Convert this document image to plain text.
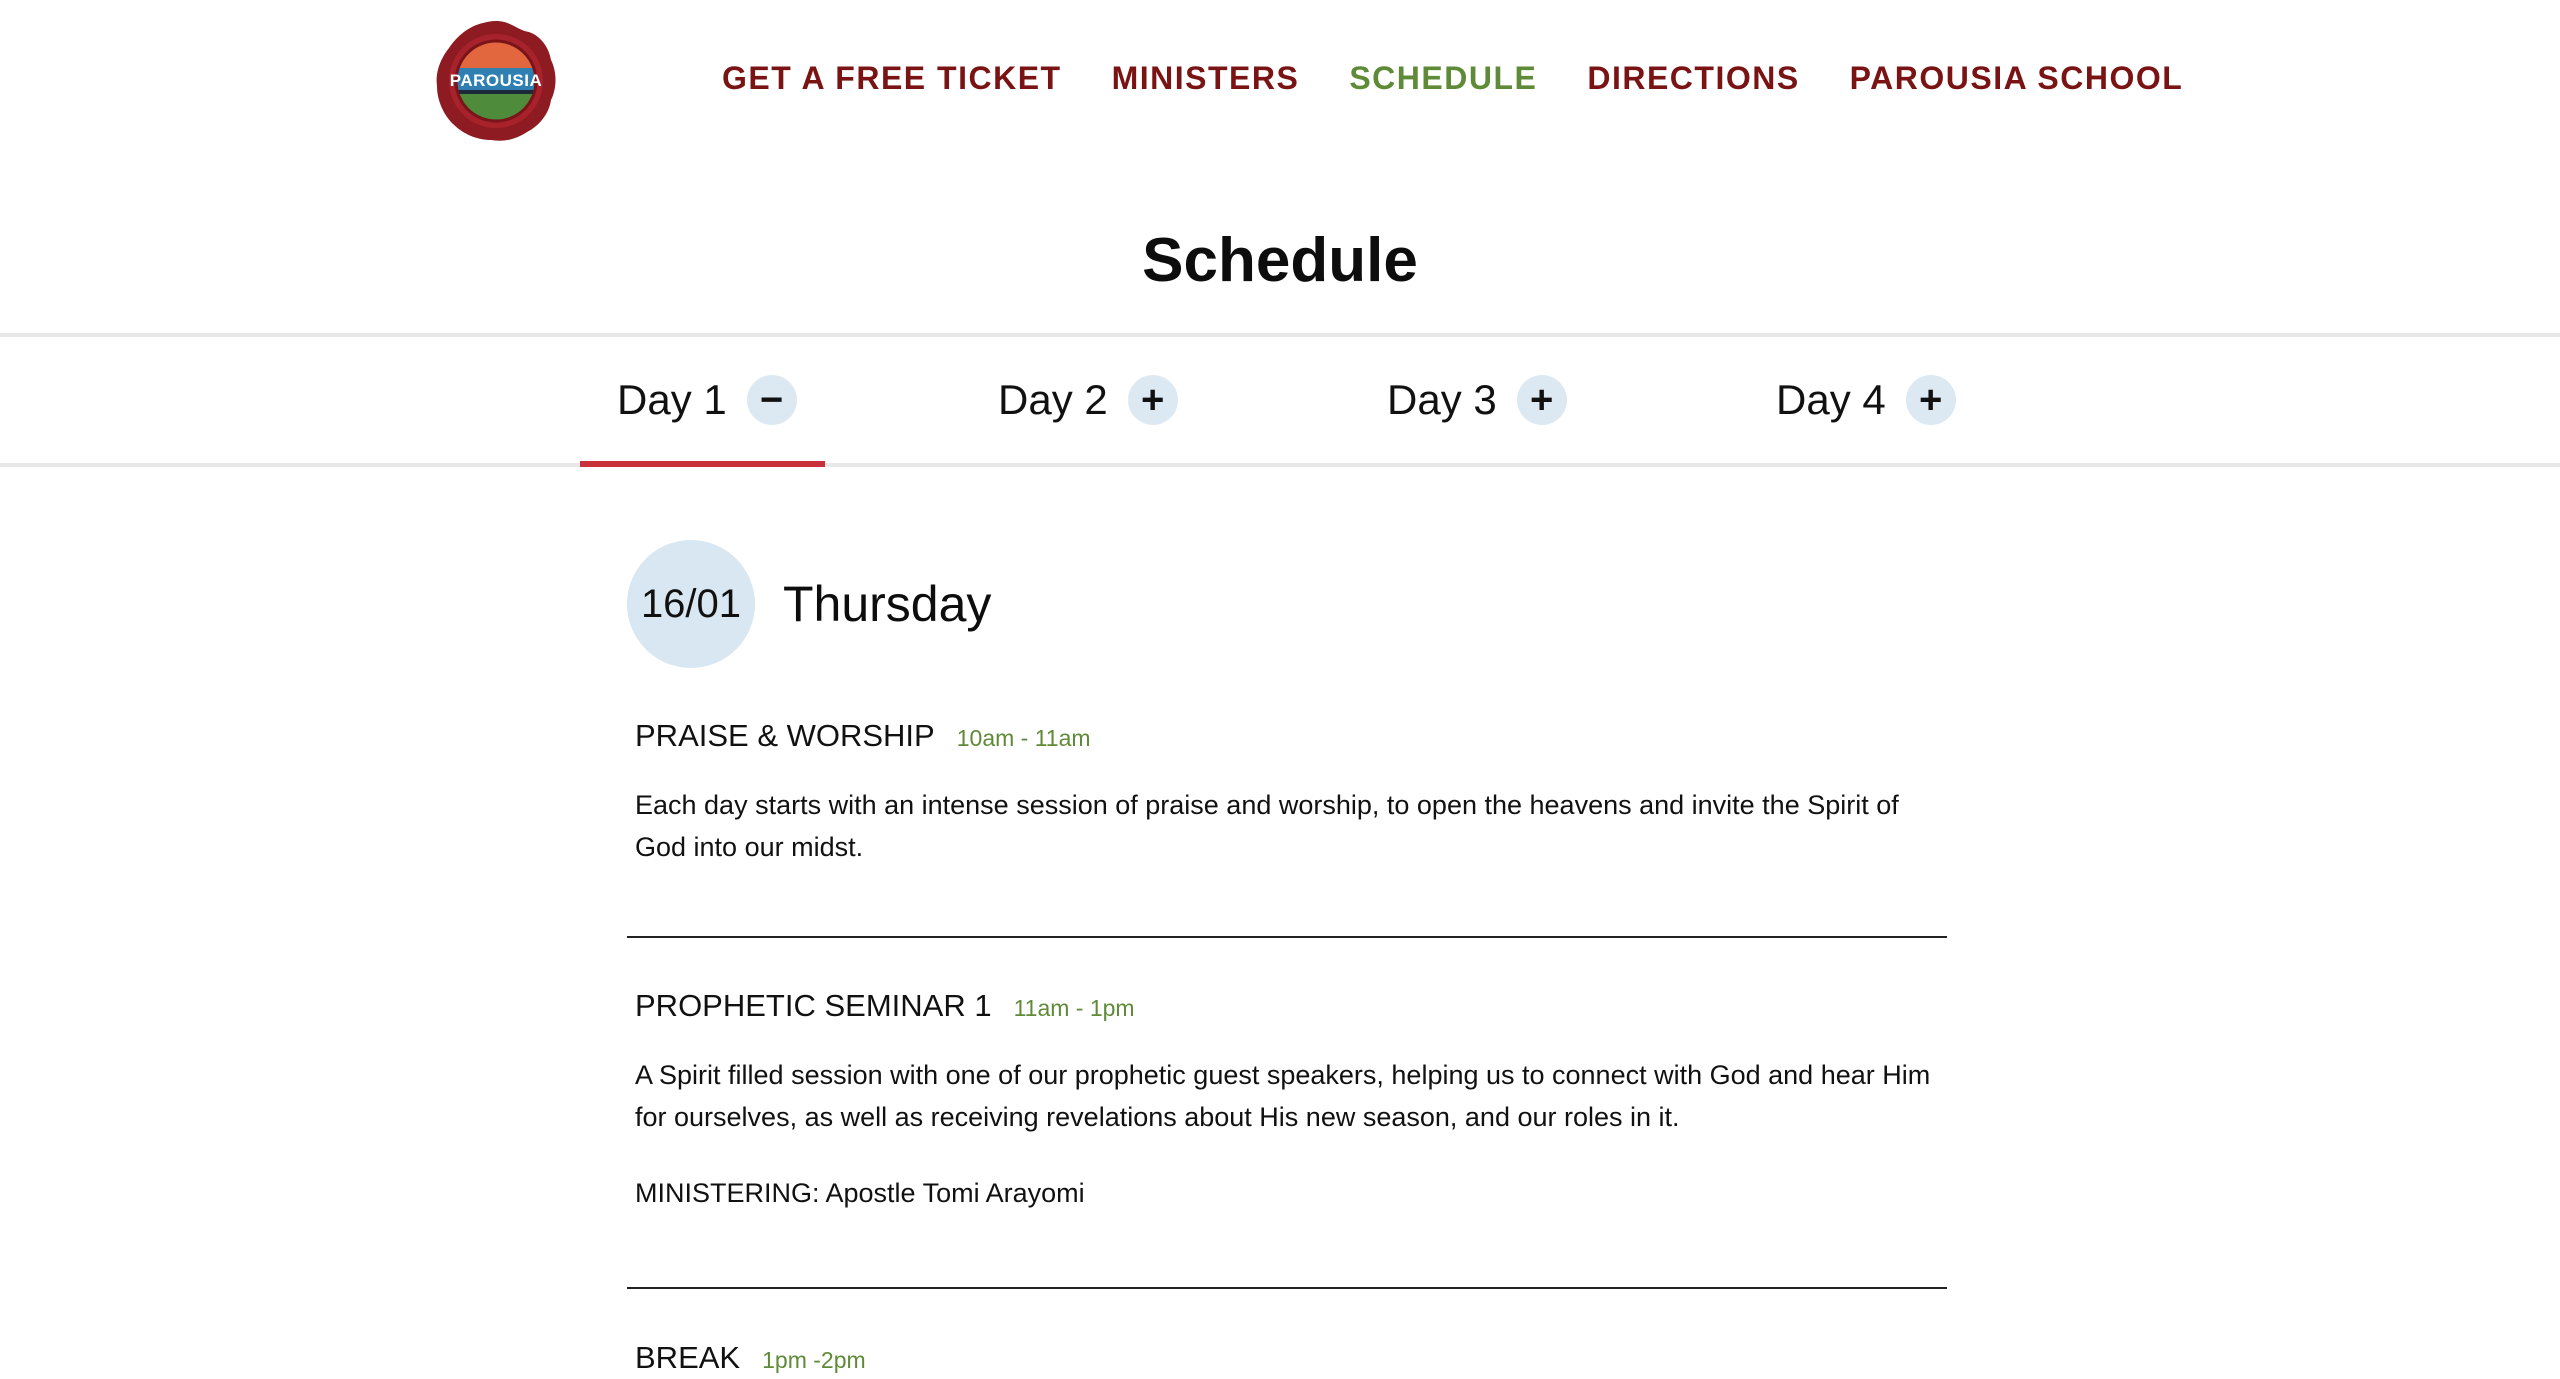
PAROUSIA	GET A FREE TICKET MINISTERS SCHEDULE DIRECTIONS PAROUSIA SCHOOL
Schedule
Day 1 −	Day 2 +	Day 3 +	Day 4 +
16/01 Thursday
PRAISE & WORSHIP 10am - 11am

Each day starts with an intense session of praise and worship, to open the heavens and invite the Spirit of God into our midst.

PROPHETIC SEMINAR 1 11am - 1pm

A Spirit filled session with one of our prophetic guest speakers, helping us to connect with God and hear Him for ourselves, as well as receiving revelations about His new season, and our roles in it.

MINISTERING: Apostle Tomi Arayomi
BREAK 1pm -2pm
